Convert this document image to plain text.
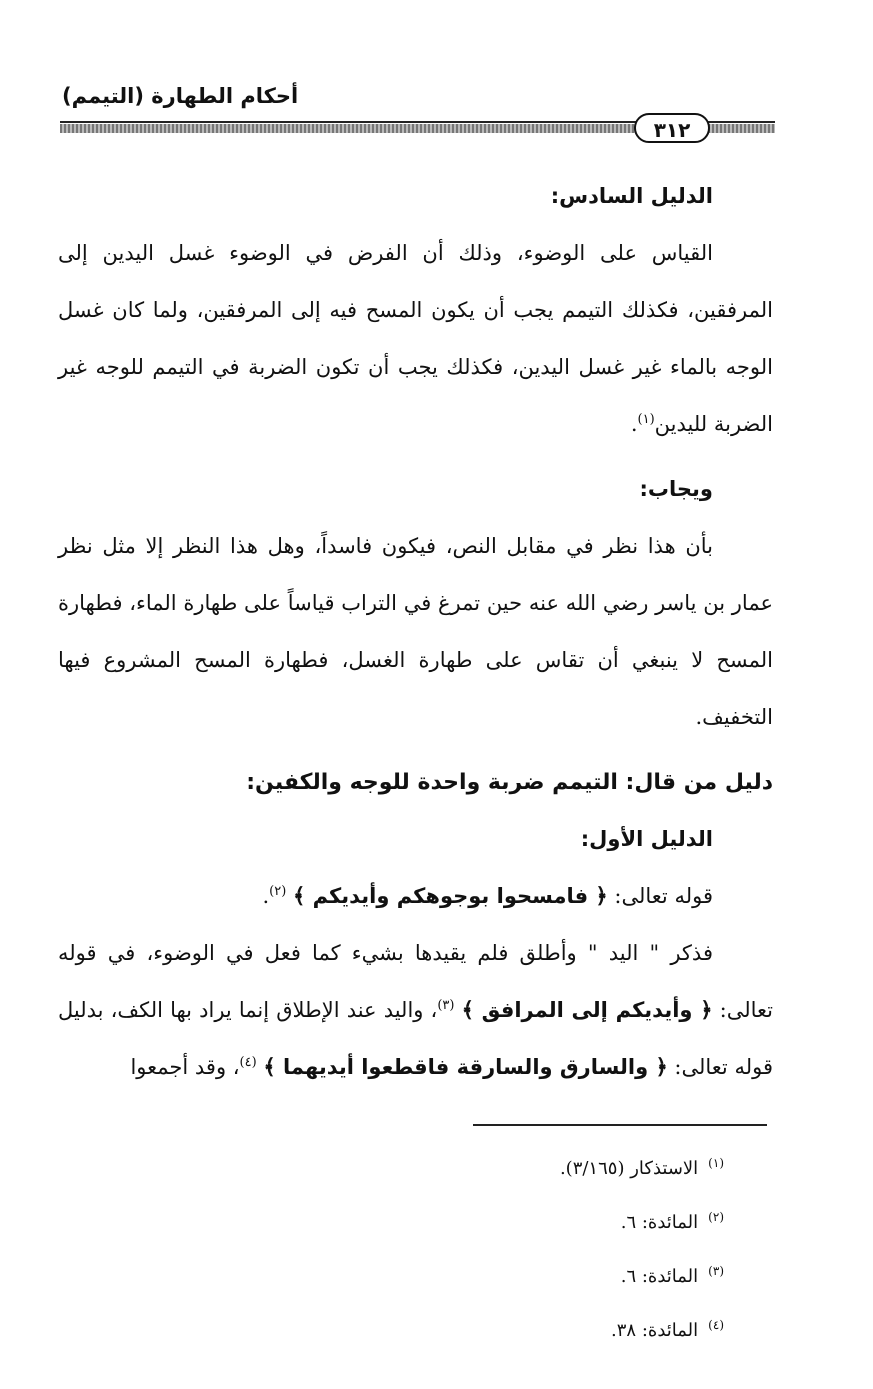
أحكام الطهارة (التيمم)
٣١٢

الدليل السادس:

القياس على الوضوء، وذلك أن الفرض في الوضوء غسل اليدين إلى المرفقين، فكذلك التيمم يجب أن يكون المسح فيه إلى المرفقين، ولما كان غسل الوجه بالماء غير غسل اليدين، فكذلك يجب أن تكون الضربة في التيمم للوجه غير الضربة لليدين$^{(١)}$.

ويجاب:

بأن هذا نظر في مقابل النص، فيكون فاسداً، وهل هذا النظر إلا مثل نظر عمار بن ياسر رضي الله عنه حين تمرغ في التراب قياساً على طهارة الماء، فطهارة المسح لا ينبغي أن تقاس على طهارة الغسل، فطهارة المسح المشروع فيها التخفيف.

دليل من قال: التيمم ضربة واحدة للوجه والكفين:

الدليل الأول:

قوله تعالى: ﴿ فامسحوا بوجوهكم وأيديكم ﴾ $^{(٢)}$.

فذكر " اليد " وأطلق فلم يقيدها بشيء كما فعل في الوضوء، في قوله تعالى: ﴿ وأيديكم إلى المرافق ﴾ $^{(٣)}$، واليد عند الإطلاق إنما يراد بها الكف، بدليل قوله تعالى: ﴿ والسارق والسارقة فاقطعوا أيديهما ﴾ $^{(٤)}$، وقد أجمعوا

$^{(١)}$الاستذكار (٣/١٦٥).

$^{(٢)}$المائدة: ٦.

$^{(٣)}$المائدة: ٦.

$^{(٤)}$المائدة: ٣٨.
